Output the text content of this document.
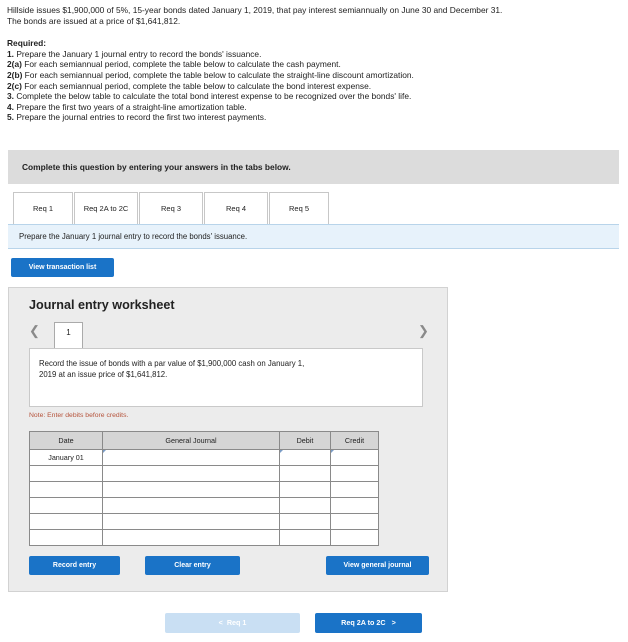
Hillside issues $1,900,000 of 5%, 15-year bonds dated January 1, 2019, that pay interest semiannually on June 30 and December 31.

The bonds are issued at a price of $1,641,812.

Required:

1. Prepare the January 1 journal entry to record the bonds' issuance.
2(a) For each semiannual period, complete the table below to calculate the cash payment.
2(b) For each semiannual period, complete the table below to calculate the straight-line discount amortization.
2(c) For each semiannual period, complete the table below to calculate the bond interest expense.
3. Complete the below table to calculate the total bond interest expense to be recognized over the bonds' life.
4. Prepare the first two years of a straight-line amortization table.
5. Prepare the journal entries to record the first two interest payments.
Complete this question by entering your answers in the tabs below.
Req 1	Req 2A to 2C	Req 3	Req 4	Req 5
Prepare the January 1 journal entry to record the bonds' issuance.
View transaction list
Journal entry worksheet
❮	1	❯
Record the issue of bonds with a par value of $1,900,000 cash on January 1,
2019 at an issue price of $1,641,812.
Note: Enter debits before credits.
Date	General Journal	Debit	Credit
January 01	

Record entry	Clear entry	View general journal
< Req 1	Req 2A to 2C >
